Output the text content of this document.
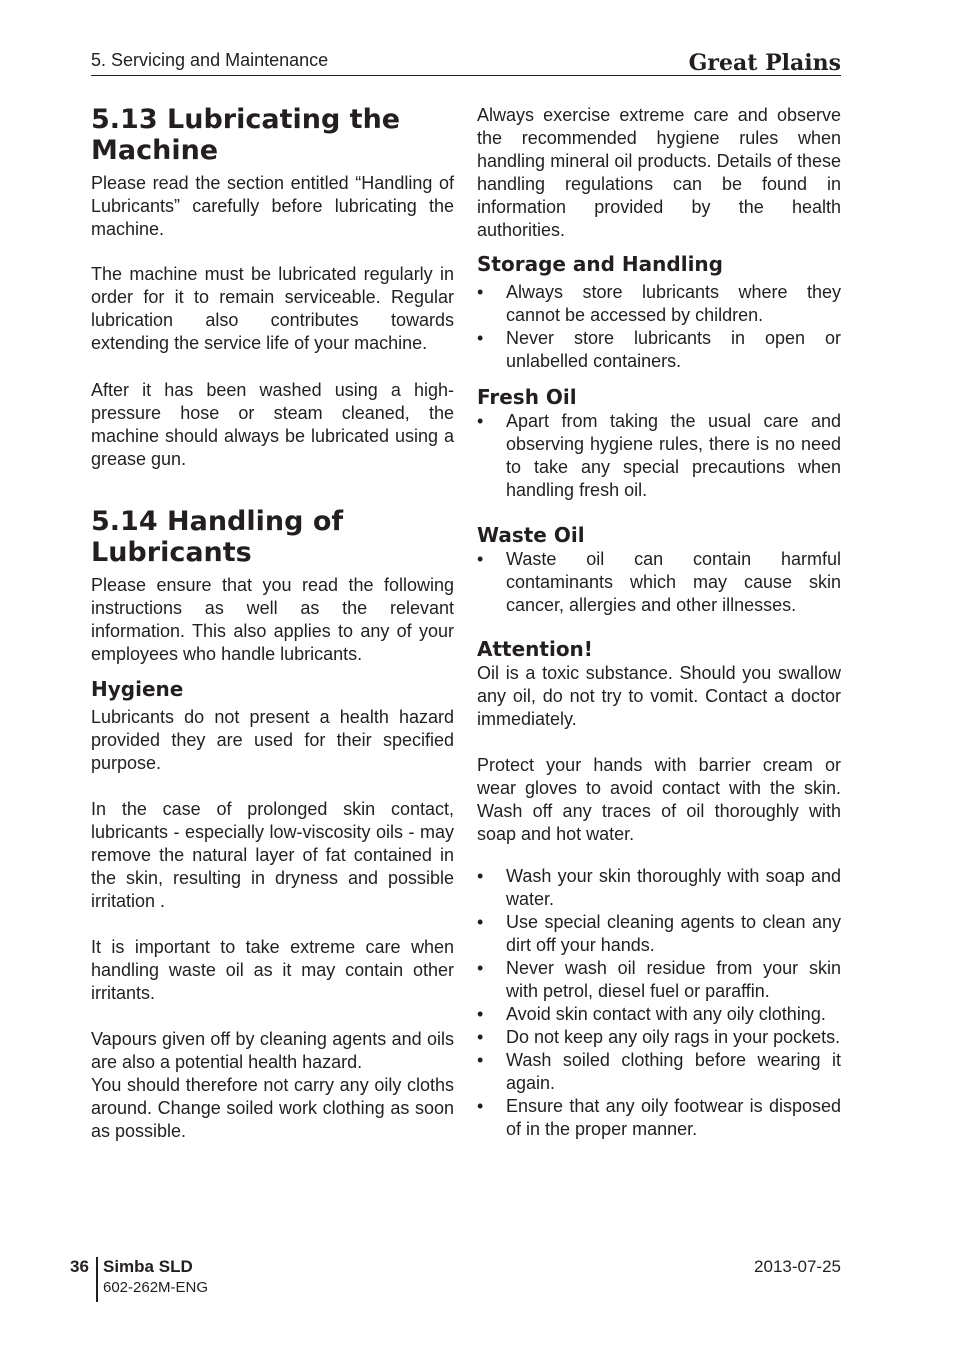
5. Servicing and Maintenance	Great Plains
5.13 Lubricating the
Machine

Please read the section entitled “Handling of Lubricants” carefully before lubricating the machine.

The machine must be lubricated regularly in order for it to remain serviceable. Regular lubrication also contributes towards extending the service life of your machine.

After it has been washed using a high-pressure hose or steam cleaned, the machine should always be lubricated using a grease gun.

5.14 Handling of
Lubricants

Please ensure that you read the following instructions as well as the relevant information. This also applies to any of your employees who handle lubricants.

Hygiene

Lubricants do not present a health hazard provided they are used for their specified purpose.

In the case of prolonged skin contact, lubricants - especially low-viscosity oils - may remove the natural layer of fat contained in the skin, resulting in dryness and possible irritation .

It is important to take extreme care when handling waste oil as it may contain other irritants.

Vapours given off by cleaning agents and oils are also a potential health hazard.

You should therefore not carry any oily cloths around. Change soiled work clothing as soon as possible.

Always exercise extreme care and observe the recommended hygiene rules when handling mineral oil products. Details of these handling regulations can be found in information provided by the health authorities.

Storage and Handling
• Always store lubricants where they cannot be accessed by children.
• Never store lubricants in open or unlabelled containers.
Fresh Oil
• Apart from taking the usual care and observing hygiene rules, there is no need to take any special precautions when handling fresh oil.
Waste Oil
• Waste oil can contain harmful contaminants which may cause skin cancer, allergies and other illnesses.
Attention!

Oil is a toxic substance. Should you swallow any oil, do not try to vomit. Contact a doctor immediately.

Protect your hands with barrier cream or wear gloves to avoid contact with the skin. Wash off any traces of oil thoroughly with soap and hot water.

• Wash your skin thoroughly with soap and water.
• Use special cleaning agents to clean any dirt off your hands.
• Never wash oil residue from your skin with petrol, diesel fuel or paraffin.
• Avoid skin contact with any oily clothing.
• Do not keep any oily rags in your pockets.
• Wash soiled clothing before wearing it again.
• Ensure that any oily footwear is disposed of in the proper manner.
36 Simba SLD
602-262M-ENG
2013-07-25
